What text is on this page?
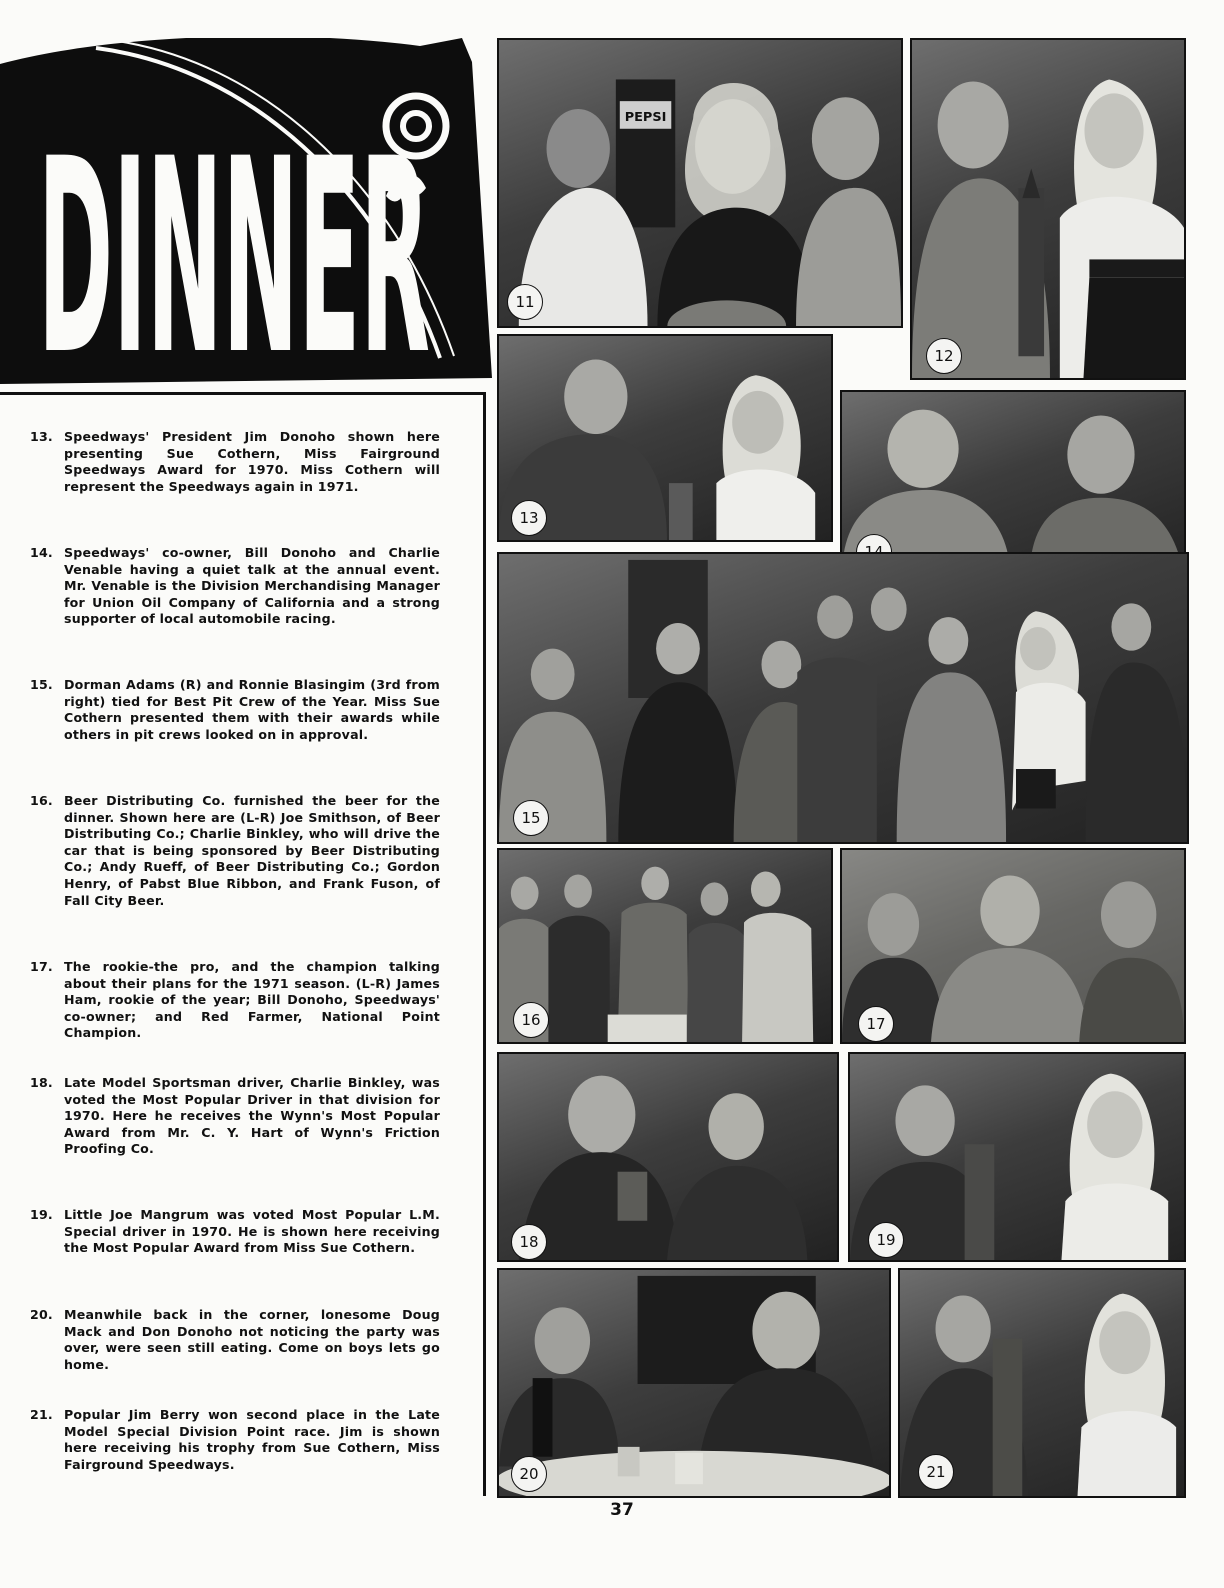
DINNER
13. Speedways' President Jim Donoho shown here presenting Sue Cothern, Miss Fairground Speedways Award for 1970. Miss Cothern will represent the Speedways again in 1971.
14. Speedways' co-owner, Bill Donoho and Charlie Venable having a quiet talk at the annual event. Mr. Venable is the Division Merchandising Manager for Union Oil Company of California and a strong supporter of local automobile racing.
15. Dorman Adams (R) and Ronnie Blasingim (3rd from right) tied for Best Pit Crew of the Year. Miss Sue Cothern presented them with their awards while others in pit crews looked on in approval.
16. Beer Distributing Co. furnished the beer for the dinner. Shown here are (L-R) Joe Smithson, of Beer Distributing Co.; Charlie Binkley, who will drive the car that is being sponsored by Beer Distributing Co.; Andy Rueff, of Beer Distributing Co.; Gordon Henry, of Pabst Blue Ribbon, and Frank Fuson, of Fall City Beer.
17. The rookie-the pro, and the champion talking about their plans for the 1971 season. (L-R) James Ham, rookie of the year; Bill Donoho, Speedways' co-owner; and Red Farmer, National Point Champion.
18. Late Model Sportsman driver, Charlie Binkley, was voted the Most Popular Driver in that division for 1970. Here he receives the Wynn's Most Popular Award from Mr. C. Y. Hart of Wynn's Friction Proofing Co.
19. Little Joe Mangrum was voted Most Popular L.M. Special driver in 1970. He is shown here receiving the Most Popular Award from Miss Sue Cothern.
20. Meanwhile back in the corner, lonesome Doug Mack and Don Donoho not noticing the party was over, were seen still eating. Come on boys lets go home.
21. Popular Jim Berry won second place in the Late Model Special Division Point race. Jim is shown here receiving his trophy from Sue Cothern, Miss Fairground Speedways.
PEPSI
11
12
13
15
16	17
18	19
20	21
37
